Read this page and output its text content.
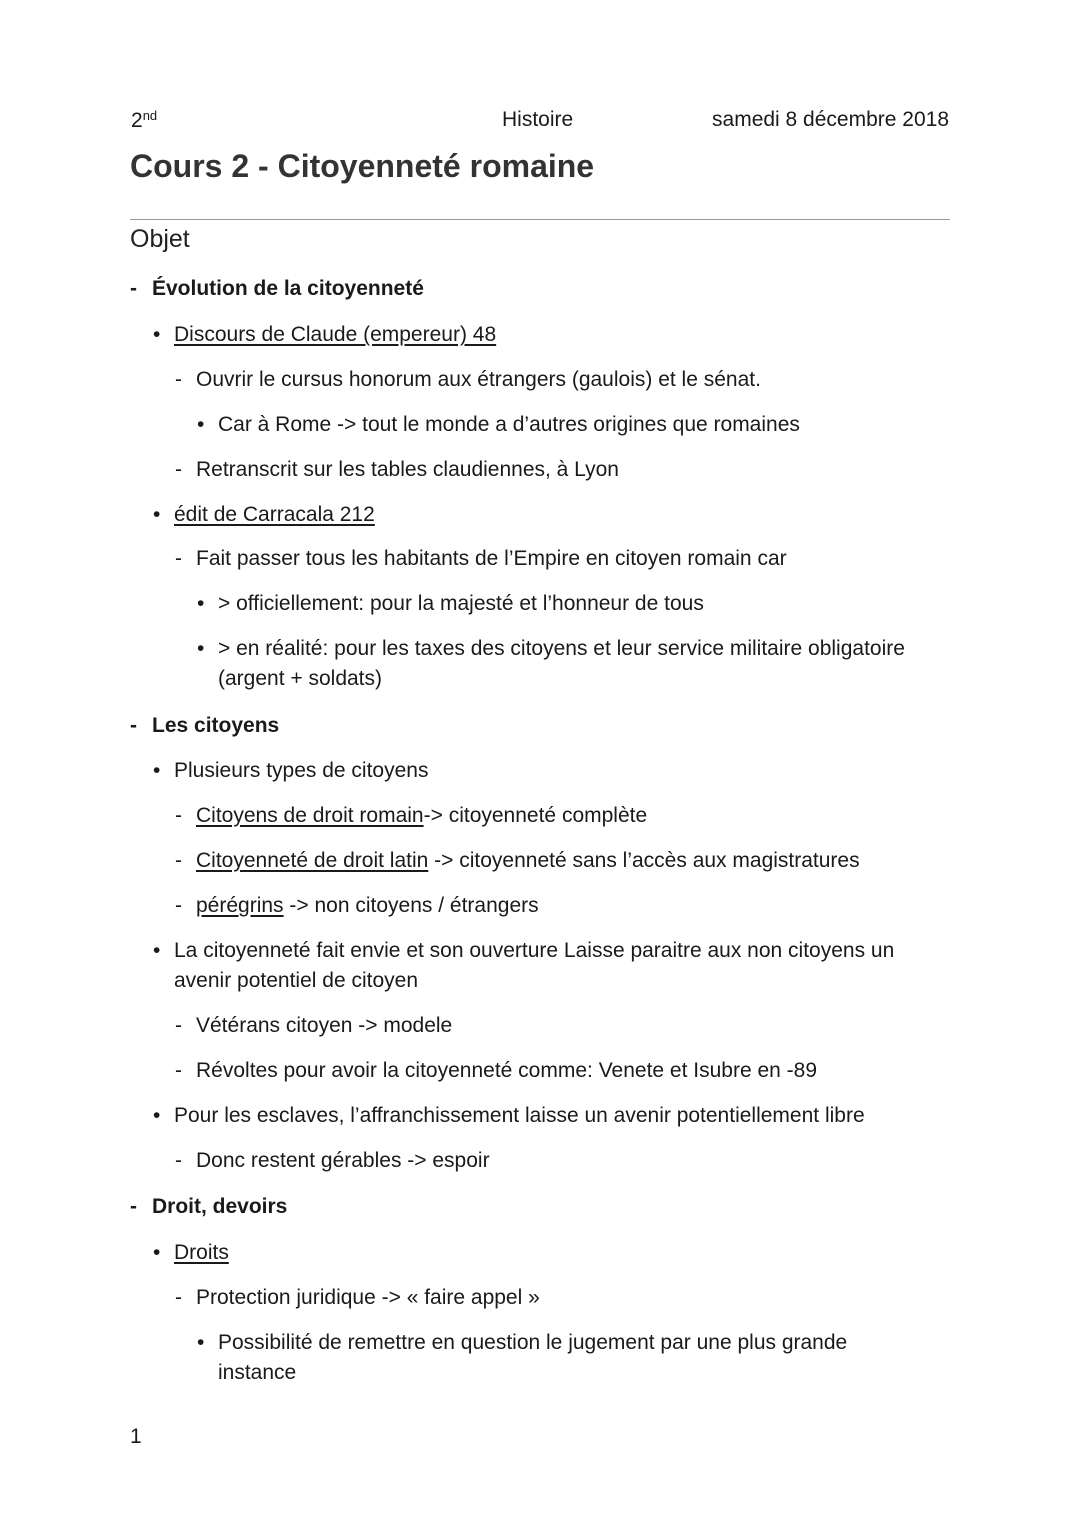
2nd	Histoire	samedi 8 décembre 2018
Cours 2 - Citoyenneté romaine
Objet
- Évolution de la citoyenneté
• Discours de Claude (empereur) 48
- Ouvrir le cursus honorum aux étrangers (gaulois) et le sénat.
• Car à Rome -> tout le monde a d’autres origines que romaines
- Retranscrit sur les tables claudiennes, à Lyon
• édit de Carracala 212
- Fait passer tous les habitants de l’Empire en citoyen romain car
• > officiellement: pour la majesté et l’honneur de tous
• > en réalité: pour les taxes des citoyens et leur service militaire obligatoire
(argent + soldats)
- Les citoyens
• Plusieurs types de citoyens
- Citoyens de droit romain-> citoyenneté complète
- Citoyenneté de droit latin -> citoyenneté sans l’accès aux magistratures
- pérégrins -> non citoyens / étrangers
• La citoyenneté fait envie et son ouverture Laisse paraitre aux non citoyens un
avenir potentiel de citoyen
- Vétérans citoyen -> modele
- Révoltes pour avoir la citoyenneté comme: Venete et Isubre en -89
• Pour les esclaves, l’affranchissement laisse un avenir potentiellement libre
- Donc restent gérables -> espoir
- Droit, devoirs
• Droits
- Protection juridique -> « faire appel »
• Possibilité de remettre en question le jugement par une plus grande
instance
1
